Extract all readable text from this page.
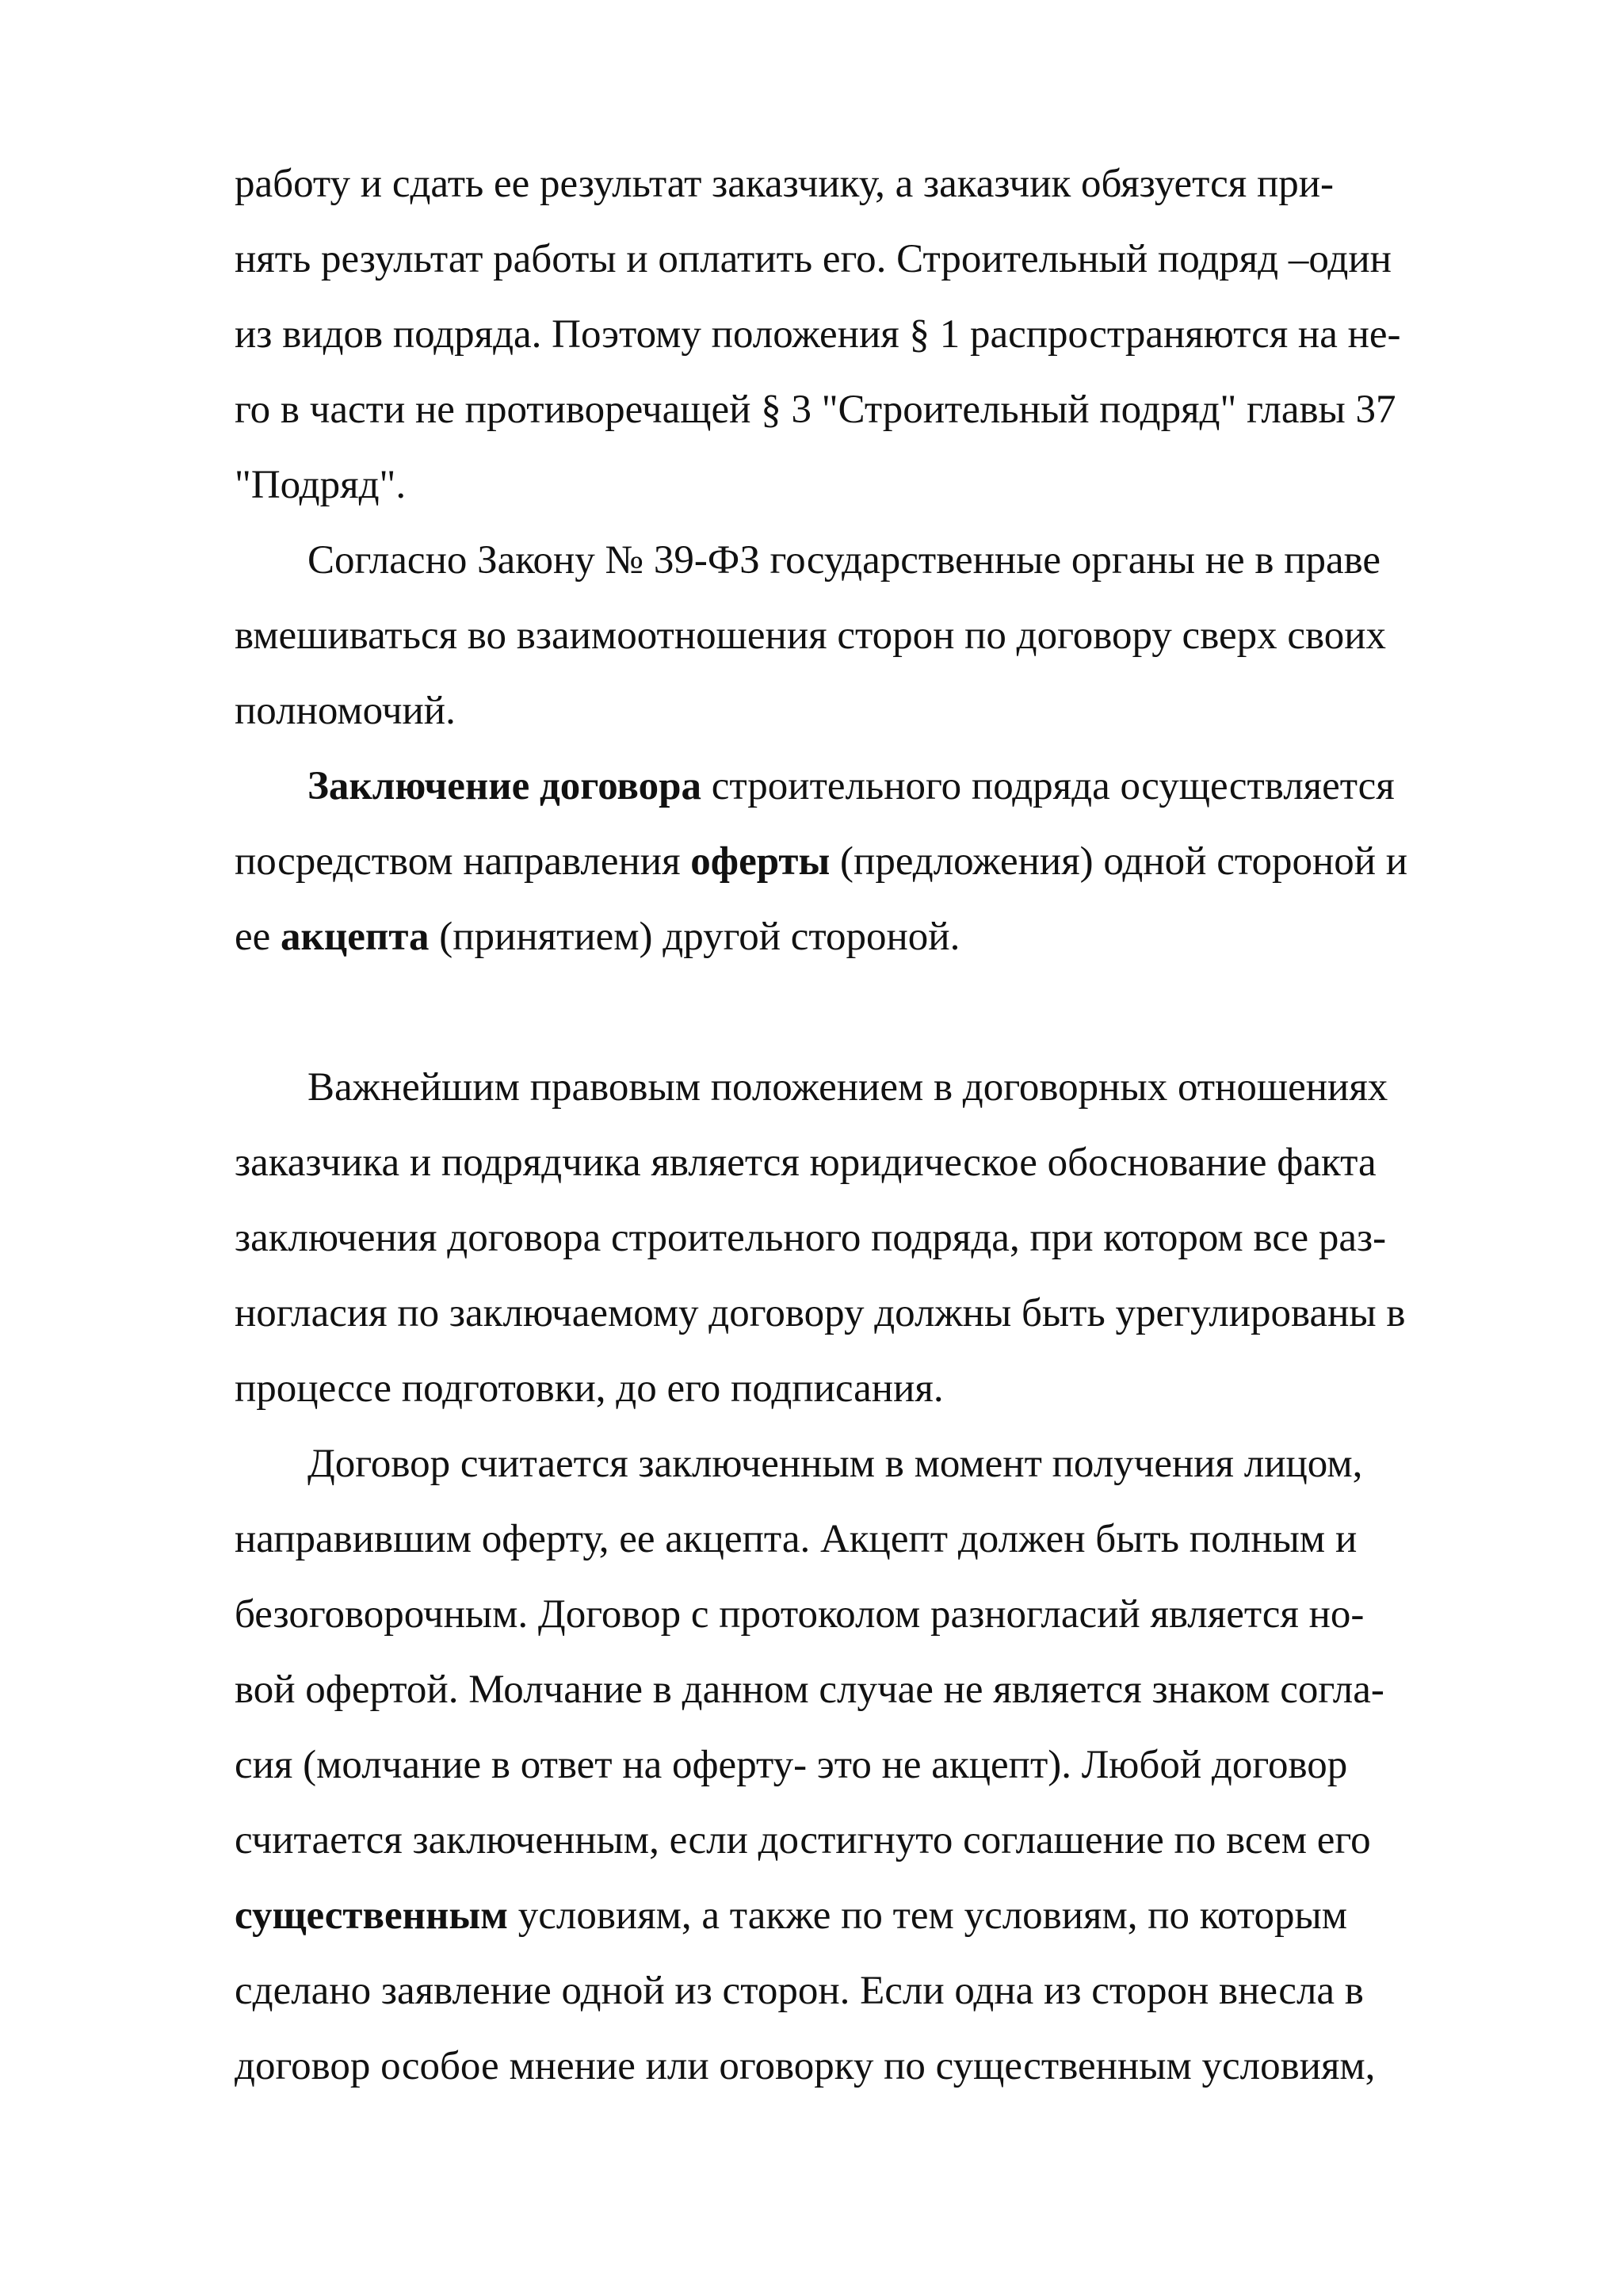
работу и сдать ее результат заказчику, а заказчик обязуется при-

нять результат работы и оплатить его. Строительный подряд –один

из видов подряда. Поэтому положения § 1 распространяются на не-

го в части не противоречащей § 3 "Строительный подряд" главы 37

"Подряд".

Согласно Закону № 39-ФЗ государственные органы не в праве

вмешиваться во взаимоотношения сторон по договору сверх своих

полномочий.

Заключение договора строительного подряда осуществляется

посредством направления оферты (предложения) одной стороной и

ее акцепта (принятием) другой стороной.

Важнейшим правовым положением в договорных отношениях

заказчика и подрядчика является юридическое обоснование факта

заключения договора строительного подряда, при котором все раз-

ногласия по заключаемому договору должны быть урегулированы в

процессе подготовки, до его подписания.

Договор считается заключенным в момент получения лицом,

направившим оферту, ее акцепта. Акцепт должен быть полным и

безоговорочным. Договор с протоколом разногласий является но-

вой офертой. Молчание в данном случае не является знаком согла-

сия (молчание в ответ на оферту- это не акцепт). Любой договор

считается заключенным, если достигнуто соглашение по всем его

существенным условиям, а также по тем условиям, по которым

сделано заявление одной из сторон. Если одна из сторон внесла в

договор особое мнение или оговорку по существенным условиям,
